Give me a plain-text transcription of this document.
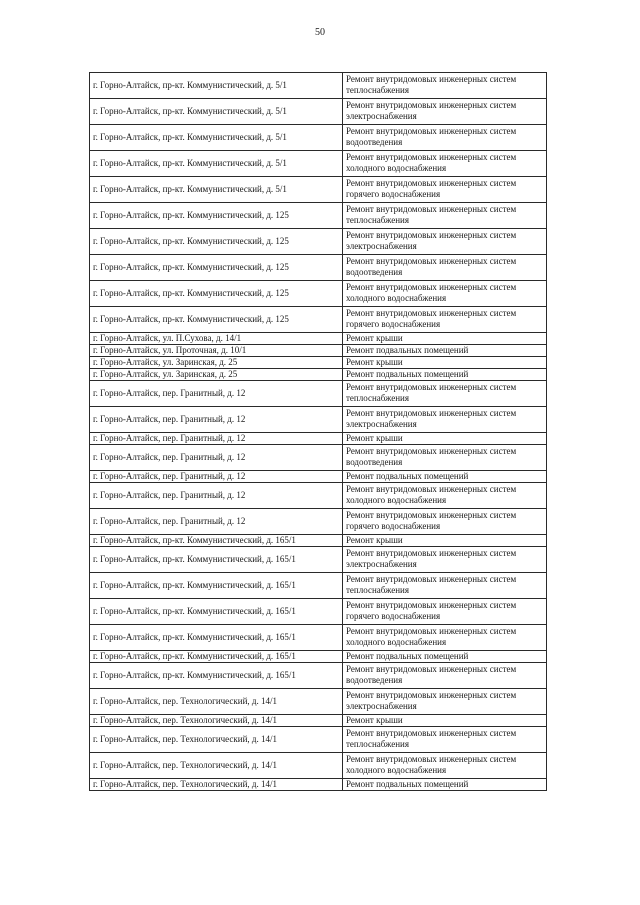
50
г. Горно-Алтайск, пр-кт. Коммунистический, д. 5/1	Ремонт внутридомовых инженерных систем теплоснабжения
г. Горно-Алтайск, пр-кт. Коммунистический, д. 5/1	Ремонт внутридомовых инженерных систем электроснабжения
г. Горно-Алтайск, пр-кт. Коммунистический, д. 5/1	Ремонт внутридомовых инженерных систем водоотведения
г. Горно-Алтайск, пр-кт. Коммунистический, д. 5/1	Ремонт внутридомовых инженерных систем холодного водоснабжения
г. Горно-Алтайск, пр-кт. Коммунистический, д. 5/1	Ремонт внутридомовых инженерных систем горячего водоснабжения
г. Горно-Алтайск, пр-кт. Коммунистический, д. 125	Ремонт внутридомовых инженерных систем теплоснабжения
г. Горно-Алтайск, пр-кт. Коммунистический, д. 125	Ремонт внутридомовых инженерных систем электроснабжения
г. Горно-Алтайск, пр-кт. Коммунистический, д. 125	Ремонт внутридомовых инженерных систем водоотведения
г. Горно-Алтайск, пр-кт. Коммунистический, д. 125	Ремонт внутридомовых инженерных систем холодного водоснабжения
г. Горно-Алтайск, пр-кт. Коммунистический, д. 125	Ремонт внутридомовых инженерных систем горячего водоснабжения
г. Горно-Алтайск, ул. П.Сухова, д. 14/1	Ремонт крыши
г. Горно-Алтайск, ул. Проточная, д. 10/1	Ремонт подвальных помещений
г. Горно-Алтайск, ул. Заринская, д. 25	Ремонт крыши
г. Горно-Алтайск, ул. Заринская, д. 25	Ремонт подвальных помещений
г. Горно-Алтайск, пер. Гранитный, д. 12	Ремонт внутридомовых инженерных систем теплоснабжения
г. Горно-Алтайск, пер. Гранитный, д. 12	Ремонт внутридомовых инженерных систем электроснабжения
г. Горно-Алтайск, пер. Гранитный, д. 12	Ремонт крыши
г. Горно-Алтайск, пер. Гранитный, д. 12	Ремонт внутридомовых инженерных систем водоотведения
г. Горно-Алтайск, пер. Гранитный, д. 12	Ремонт подвальных помещений
г. Горно-Алтайск, пер. Гранитный, д. 12	Ремонт внутридомовых инженерных систем холодного водоснабжения
г. Горно-Алтайск, пер. Гранитный, д. 12	Ремонт внутридомовых инженерных систем горячего водоснабжения
г. Горно-Алтайск, пр-кт. Коммунистический, д. 165/1	Ремонт крыши
г. Горно-Алтайск, пр-кт. Коммунистический, д. 165/1	Ремонт внутридомовых инженерных систем электроснабжения
г. Горно-Алтайск, пр-кт. Коммунистический, д. 165/1	Ремонт внутридомовых инженерных систем теплоснабжения
г. Горно-Алтайск, пр-кт. Коммунистический, д. 165/1	Ремонт внутридомовых инженерных систем горячего водоснабжения
г. Горно-Алтайск, пр-кт. Коммунистический, д. 165/1	Ремонт внутридомовых инженерных систем холодного водоснабжения
г. Горно-Алтайск, пр-кт. Коммунистический, д. 165/1	Ремонт подвальных помещений
г. Горно-Алтайск, пр-кт. Коммунистический, д. 165/1	Ремонт внутридомовых инженерных систем водоотведения
г. Горно-Алтайск, пер. Технологический, д. 14/1	Ремонт внутридомовых инженерных систем электроснабжения
г. Горно-Алтайск, пер. Технологический, д. 14/1	Ремонт крыши
г. Горно-Алтайск, пер. Технологический, д. 14/1	Ремонт внутридомовых инженерных систем теплоснабжения
г. Горно-Алтайск, пер. Технологический, д. 14/1	Ремонт внутридомовых инженерных систем холодного водоснабжения
г. Горно-Алтайск, пер. Технологический, д. 14/1	Ремонт подвальных помещений
